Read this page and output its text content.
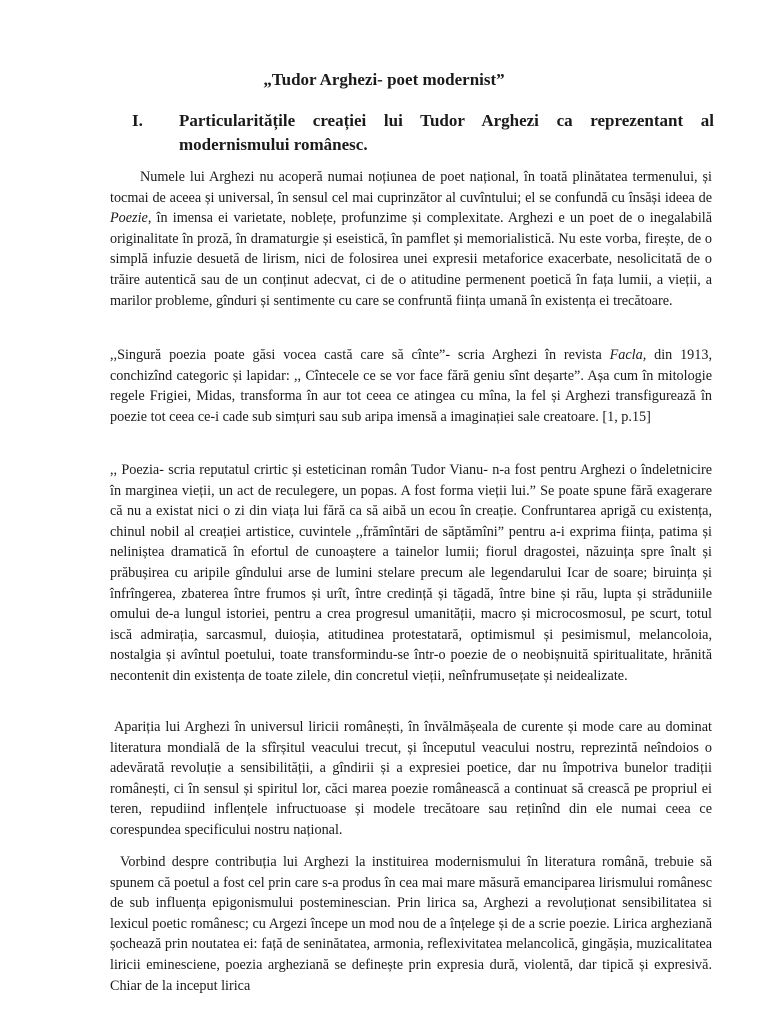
„Tudor Arghezi- poet modernist”
I.	Particularitățile creației lui Tudor Arghezi ca reprezentant al modernismului românesc.

Numele lui Arghezi nu acoperă numai noțiunea de poet național, în toată plinătatea termenului, și tocmai de aceea și universal, în sensul cel mai cuprinzător al cuvîntului; el se confundă cu însăși ideea de Poezie, în imensa ei varietate, noblețe, profunzime și complexitate. Arghezi e un poet de o inegalabilă originalitate în proză, în dramaturgie și eseistică, în pamflet și memorialistică. Nu este vorba, firește, de o simplă infuzie desuetă de lirism, nici de folosirea unei expresii metaforice exacerbate, nesolicitată de o trăire autentică sau de un conținut adecvat, ci de o atitudine permenent poetică în fața lumii, a vieții, a marilor probleme, gînduri și sentimente cu care se confruntă ființa umană în existența ei trecătoare.

,,Singură poezia poate găsi vocea castă care să cînte”- scria Arghezi în revista Facla, din 1913, conchizînd categoric și lapidar: ,, Cîntecele ce se vor face fără geniu sînt deșarte”. Așa cum în mitologie regele Frigiei, Midas, transforma în aur tot ceea ce atingea cu mîna, la fel și Arghezi transfigurează în poezie tot ceea ce-i cade sub simțuri sau sub aripa imensă a imaginației sale creatoare. [1, p.15]

,, Poezia- scria reputatul crirtic și esteticinan român Tudor Vianu- n-a fost pentru Arghezi o îndeletnicire în marginea vieții, un act de reculegere, un popas. A fost forma vieții lui.” Se poate spune fără exagerare că nu a existat nici o zi din viața lui fără ca să aibă un ecou în creație. Confruntarea aprigă cu existența, chinul nobil al creației artistice, cuvintele ,,frămîntări de săptămîni” pentru a-i exprima ființa, patima și neliniștea dramatică în efortul de cunoaștere a tainelor lumii; fiorul dragostei, năzuința spre înalt și prăbușirea cu aripile gîndului arse de lumini stelare precum ale legendarului Icar de soare; biruința și înfrîngerea, zbaterea între frumos și urît, între credință și tăgadă, între bine și rău, lupta și străduniile omului de-a lungul istoriei, pentru a crea progresul umanității, macro și microcosmosul, pe scurt, totul iscă admirația, sarcasmul, duioșia, atitudinea protestatară, optimismul și pesimismul, melancoloia, nostalgia și avîntul poetului, toate transformindu-se într-o poezie de o neobișnuită spiritualitate, hrănită necontenit din existența de toate zilele, din concretul vieții, neînfrumusețate și neidealizate.

Apariția lui Arghezi în universul liricii românești, în învălmășeala de curente și mode care au dominat literatura mondială de la sfîrșitul veacului trecut, și începutul veacului nostru, reprezintă neîndoios o adevărată revoluție a sensibilității, a gîndirii și a expresiei poetice, dar nu împotriva bunelor tradiții românești, ci în sensul și spiritul lor, căci marea poezie românească a continuat să crească pe propriul ei teren, repudiind inflențele infructuoase și modele trecătoare sau reținînd din ele numai ceea ce corespundea specificului nostru național.

Vorbind despre contribuția lui Arghezi la instituirea modernismului în literatura română, trebuie să spunem că poetul a fost cel prin care s-a produs în cea mai mare măsură emanciparea lirismului românesc de sub influența epigonismului posteminescian. Prin lirica sa, Arghezi a revoluționat sensibilitatea si lexicul poetic românesc; cu Argezi începe un mod nou de a înțelege și de a scrie poezie. Lirica argheziană șochează prin noutatea ei: față de seninătatea, armonia, reflexivitatea melancolică, gingășia, muzicalitatea liricii eminesciene, poezia argheziană se definește prin expresia dură, violentă, dar tipică și expresivă. Chiar de la inceput lirica
